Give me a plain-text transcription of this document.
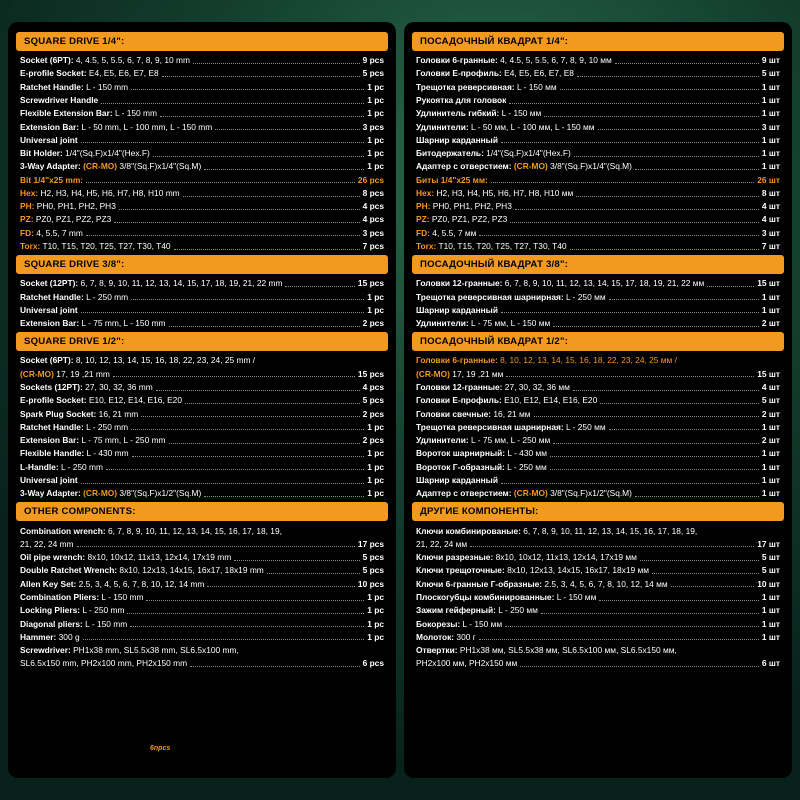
SQUARE DRIVE 1/4":
Socket (6PT): 4, 4.5, 5, 5.5, 6, 7, 8, 9, 10 mm	9 pcs
E-profile Socket: E4, E5, E6, E7, E8	5 pcs
Ratchet Handle: L - 150 mm	1 pc
Screwdriver Handle	1 pc
Flexible Extension Bar: L - 150 mm	1 pc
Extension Bar: L - 50 mm, L - 100 mm, L - 150 mm	3 pcs
Universal joint	1 pc
Bit Holder: 1/4"(Sq.F)x1/4"(Hex.F)	1 pc
3-Way Adapter: (CR-MO) 3/8"(Sq.F)x1/4"(Sq.M)	1 pc
Bit 1/4"x25 mm:	26 pcs
Hex: H2, H3, H4, H5, H6, H7, H8, H10 mm	8 pcs
PH: PH0, PH1, PH2, PH3	4 pcs
PZ: PZ0, PZ1, PZ2, PZ3	4 pcs
FD: 4, 5.5, 7 mm	3 pcs
Torx: T10, T15, T20, T25, T27, T30, T40	7 pcs
SQUARE DRIVE 3/8":
Socket (12PT): 6, 7, 8, 9, 10, 11, 12, 13, 14, 15, 17, 18, 19, 21, 22 mm	15 pcs
Ratchet Handle: L - 250 mm	1 pc
Universal joint	1 pc
Extension Bar: L - 75 mm, L - 150 mm	2 pcs
SQUARE DRIVE 1/2":
Socket (6PT): 8, 10, 12, 13, 14, 15, 16, 18, 22, 23, 24, 25 mm /
(CR-MO) 17, 19 ,21 mm	15 pcs
Sockets (12PT): 27, 30, 32, 36 mm	4 pcs
E-profile Socket: E10, E12, E14, E16, E20	5 pcs
Spark Plug Socket: 16, 21 mm	2 pcs
Ratchet Handle: L - 250 mm	1 pc
Extension Bar: L - 75 mm, L - 250 mm	2 pcs
Flexible Handle: L - 430 mm	1 pc
L-Handle: L - 250 mm	1 pc
Universal joint	1 pc
3-Way Adapter: (CR-MO) 3/8"(Sq.F)x1/2"(Sq.M)	1 pc
OTHER COMPONENTS:
Combination wrench: 6, 7, 8, 9, 10, 11, 12, 13, 14, 15, 16, 17, 18, 19,
21, 22, 24 mm	17 pcs
Oil pipe wrench: 8x10, 10x12, 11x13, 12x14, 17x19 mm	5 pcs
Double Ratchet Wrench: 8x10, 12x13, 14x15, 16x17, 18x19 mm	5 pcs
Allen Key Set: 2.5, 3, 4, 5, 6, 7, 8, 10, 12, 14 mm	10 pcs
Combination Pliers: L - 150 mm	1 pc
Locking Pliers: L - 250 mm	1 pc
Diagonal pliers: L - 150 mm	1 pc
Hammer: 300 g	1 pc
Screwdriver: PH1x38 mm, SL5.5x38 mm, SL6.5x100 mm,
SL6.5x150 mm, PH2x100 mm, PH2x150 mm	6 pcs
ПОСАДОЧНЫЙ КВАДРАТ 1/4":
Головки 6-гранные: 4, 4.5, 5, 5.5, 6, 7, 8, 9, 10 мм	9 шт
Головки Е-профиль: E4, E5, E6, E7, E8	5 шт
Трещотка реверсивная: L - 150 мм	1 шт
Рукоятка для головок	1 шт
Удлинитель гибкий: L - 150 мм	1 шт
Удлинители: L - 50 мм, L - 100 мм, L - 150 мм	3 шт
Шарнир карданный	1 шт
Битодержатель: 1/4"(Sq.F)x1/4"(Hex.F)	1 шт
Адаптер с отверстием: (CR-MO) 3/8"(Sq.F)x1/4"(Sq.M)	1 шт
Биты 1/4"x25 мм:	26 шт
Hex: H2, H3, H4, H5, H6, H7, H8, H10 мм	8 шт
PH: PH0, PH1, PH2, PH3	4 шт
PZ: PZ0, PZ1, PZ2, PZ3	4 шт
FD: 4, 5.5, 7 мм	3 шт
Torx: T10, T15, T20, T25, T27, T30, T40	7 шт
ПОСАДОЧНЫЙ КВАДРАТ 3/8":
Головки 12-гранные: 6, 7, 8, 9, 10, 11, 12, 13, 14, 15, 17, 18, 19, 21, 22 мм	15 шт
Трещотка реверсивная шарнирная: L - 250 мм	1 шт
Шарнир карданный	1 шт
Удлинители: L - 75 мм, L - 150 мм	2 шт
ПОСАДОЧНЫЙ КВАДРАТ 1/2":
Головки 6-гранные: 8, 10, 12, 13, 14, 15, 16, 18, 22, 23, 24, 25 мм /
(CR-MO) 17, 19 ,21 мм	15 шт
Головки 12-гранные: 27, 30, 32, 36 мм	4 шт
Головки Е-профиль: E10, E12, E14, E16, E20	5 шт
Головки свечные: 16, 21 мм	2 шт
Трещотка реверсивная шарнирная: L - 250 мм	1 шт
Удлинители: L - 75 мм, L - 250 мм	2 шт
Вороток шарнирный: L - 430 мм	1 шт
Вороток Г-образный: L - 250 мм	1 шт
Шарнир карданный	1 шт
Адаптер с отверстием: (CR-MO) 3/8"(Sq.F)x1/2"(Sq.M)	1 шт
ДРУГИЕ КОМПОНЕНТЫ:
Ключи комбинированые: 6, 7, 8, 9, 10, 11, 12, 13, 14, 15, 16, 17, 18, 19,
21, 22, 24 мм	17 шт
Ключи разрезные: 8x10, 10x12, 11x13, 12x14, 17x19 мм	5 шт
Ключи трещоточные: 8x10, 12x13, 14x15, 16x17, 18x19 мм	5 шт
Ключи 6-гранные Г-образные: 2.5, 3, 4, 5, 6, 7, 8, 10, 12, 14 мм	10 шт
Плоскогубцы комбинированные: L - 150 мм	1 шт
Зажим гейферный: L - 250 мм	1 шт
Бокорезы: L - 150 мм	1 шт
Молоток: 300 г	1 шт
Отвертки: PH1x38 мм, SL5.5x38 мм, SL6.5x100 мм, SL6.5x150 мм,
PH2x100 мм, PH2x150 мм	6 шт
6npcs
